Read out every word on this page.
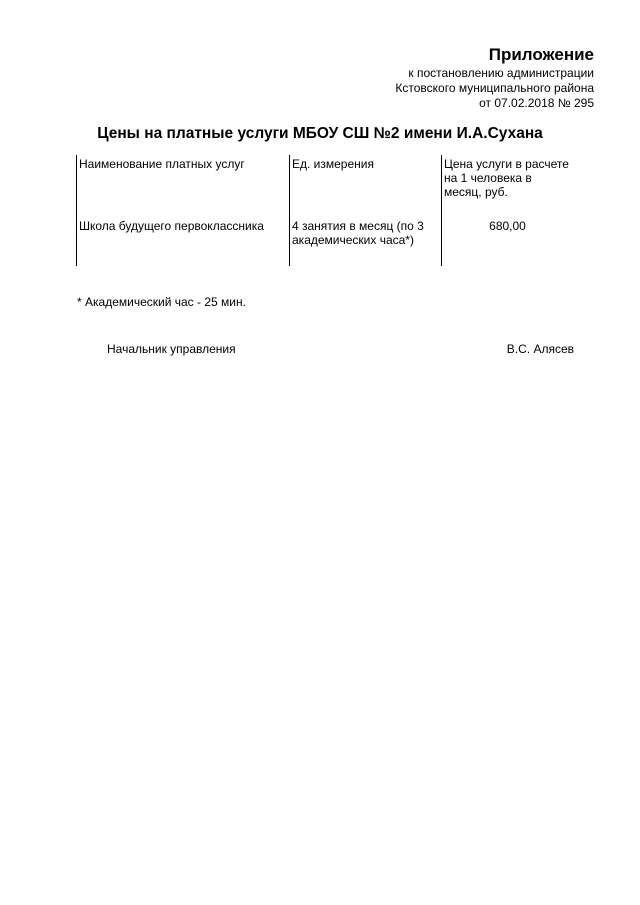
Приложение
к постановлению администрации
Кстовского муниципального района
от 07.02.2018 № 295
Цены на платные услуги МБОУ СШ №2 имени И.А.Сухана
Наименование платных услуг	Ед. измерения	Цена услуги в расчете на 1 человека в месяц, руб.
Школа будущего первоклассника	4 занятия в месяц (по 3 академических часа*)	680,00
* Академический час - 25 мин.
Начальник управления	В.С. Алясев
